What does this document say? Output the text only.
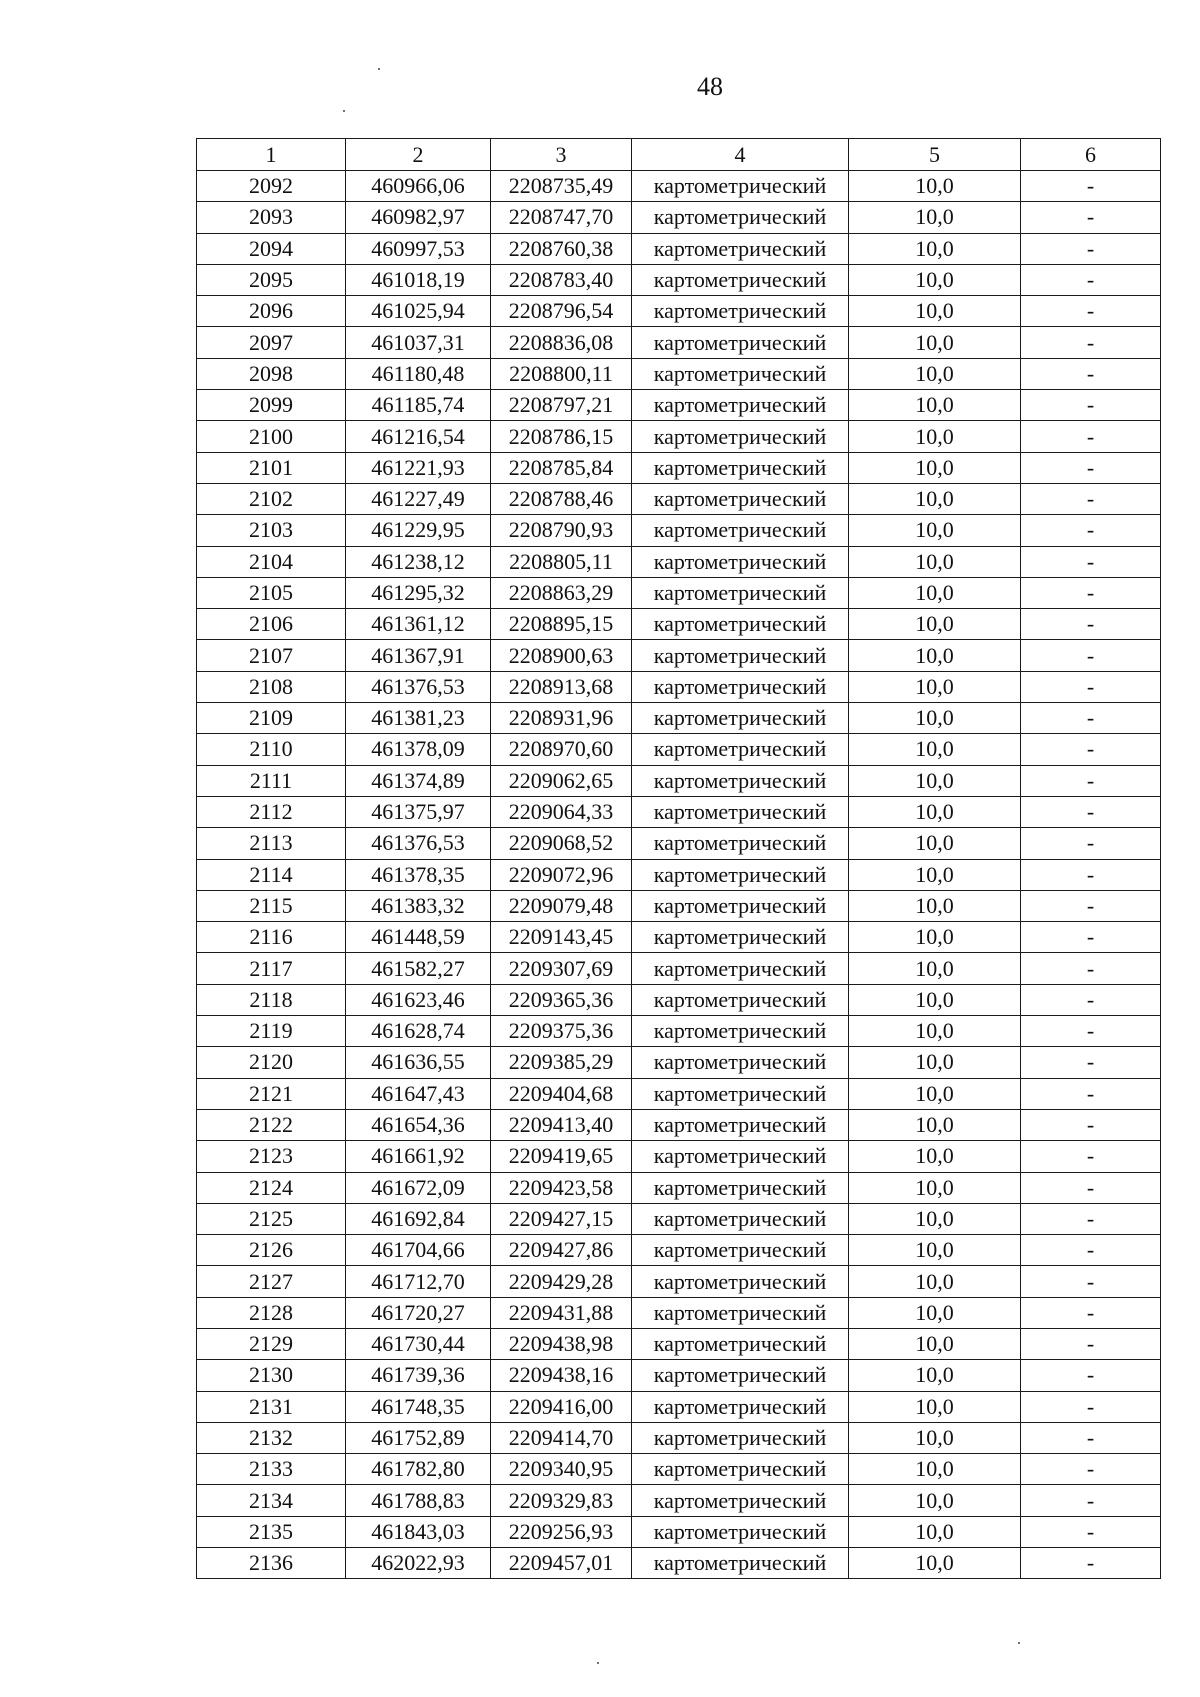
48
1	2	3	4	5	6
2092	460966,06	2208735,49	картометрический	10,0	-
2093	460982,97	2208747,70	картометрический	10,0	-
2094	460997,53	2208760,38	картометрический	10,0	-
2095	461018,19	2208783,40	картометрический	10,0	-
2096	461025,94	2208796,54	картометрический	10,0	-
2097	461037,31	2208836,08	картометрический	10,0	-
2098	461180,48	2208800,11	картометрический	10,0	-
2099	461185,74	2208797,21	картометрический	10,0	-
2100	461216,54	2208786,15	картометрический	10,0	-
2101	461221,93	2208785,84	картометрический	10,0	-
2102	461227,49	2208788,46	картометрический	10,0	-
2103	461229,95	2208790,93	картометрический	10,0	-
2104	461238,12	2208805,11	картометрический	10,0	-
2105	461295,32	2208863,29	картометрический	10,0	-
2106	461361,12	2208895,15	картометрический	10,0	-
2107	461367,91	2208900,63	картометрический	10,0	-
2108	461376,53	2208913,68	картометрический	10,0	-
2109	461381,23	2208931,96	картометрический	10,0	-
2110	461378,09	2208970,60	картометрический	10,0	-
2111	461374,89	2209062,65	картометрический	10,0	-
2112	461375,97	2209064,33	картометрический	10,0	-
2113	461376,53	2209068,52	картометрический	10,0	-
2114	461378,35	2209072,96	картометрический	10,0	-
2115	461383,32	2209079,48	картометрический	10,0	-
2116	461448,59	2209143,45	картометрический	10,0	-
2117	461582,27	2209307,69	картометрический	10,0	-
2118	461623,46	2209365,36	картометрический	10,0	-
2119	461628,74	2209375,36	картометрический	10,0	-
2120	461636,55	2209385,29	картометрический	10,0	-
2121	461647,43	2209404,68	картометрический	10,0	-
2122	461654,36	2209413,40	картометрический	10,0	-
2123	461661,92	2209419,65	картометрический	10,0	-
2124	461672,09	2209423,58	картометрический	10,0	-
2125	461692,84	2209427,15	картометрический	10,0	-
2126	461704,66	2209427,86	картометрический	10,0	-
2127	461712,70	2209429,28	картометрический	10,0	-
2128	461720,27	2209431,88	картометрический	10,0	-
2129	461730,44	2209438,98	картометрический	10,0	-
2130	461739,36	2209438,16	картометрический	10,0	-
2131	461748,35	2209416,00	картометрический	10,0	-
2132	461752,89	2209414,70	картометрический	10,0	-
2133	461782,80	2209340,95	картометрический	10,0	-
2134	461788,83	2209329,83	картометрический	10,0	-
2135	461843,03	2209256,93	картометрический	10,0	-
2136	462022,93	2209457,01	картометрический	10,0	-
